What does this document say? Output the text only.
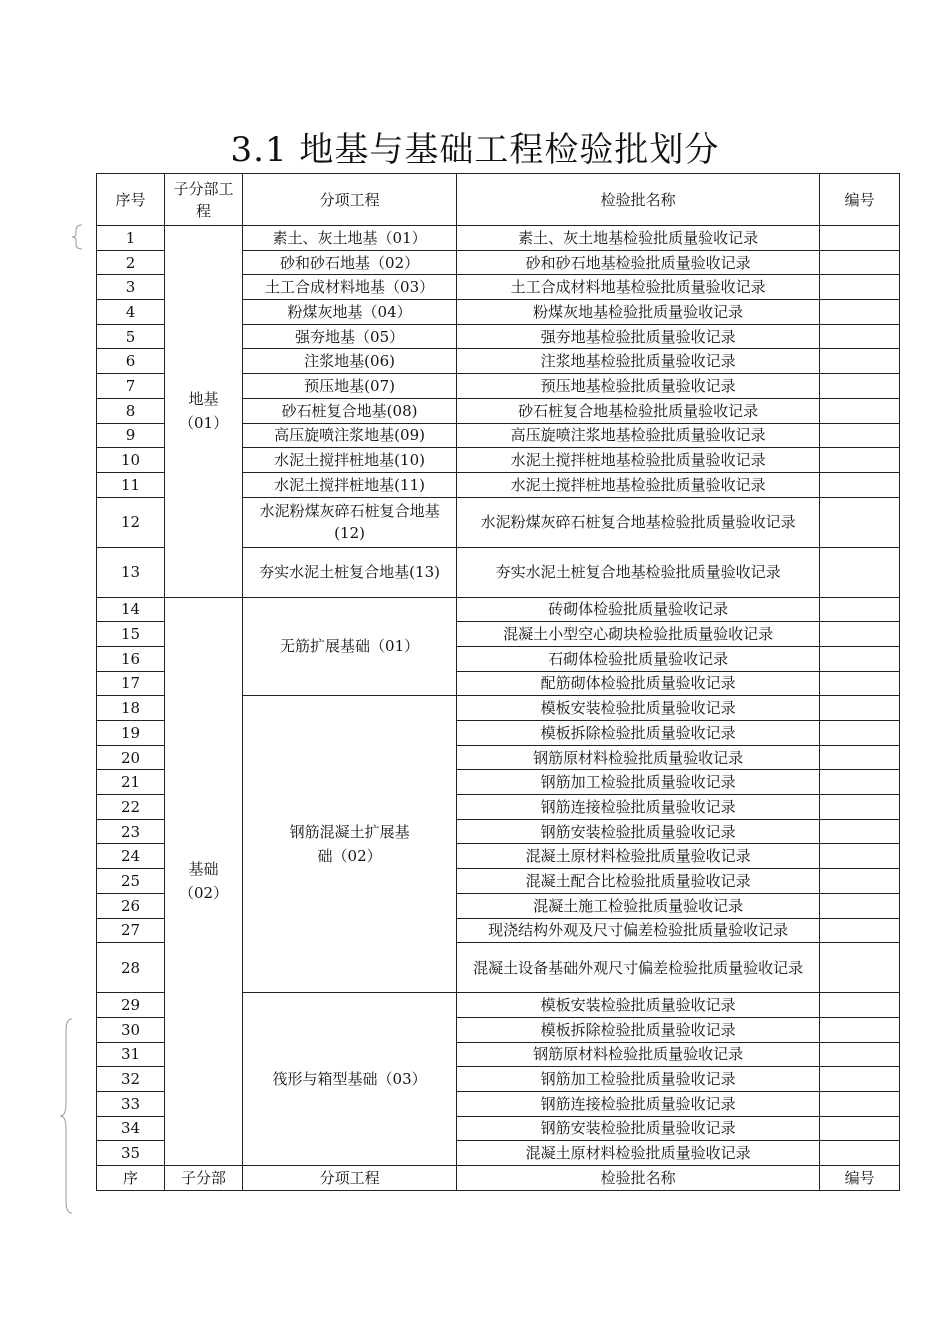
3.1 地基与基础工程检验批划分
序号	子分部工程	分项工程	检验批名称	编号
1	地基（01）	素土、灰土地基（01）	素土、灰土地基检验批质量验收记录	
2		砂和砂石地基（02）	砂和砂石地基检验批质量验收记录	
3		土工合成材料地基（03）	土工合成材料地基检验批质量验收记录	
4		粉煤灰地基（04）	粉煤灰地基检验批质量验收记录	
5		强夯地基（05）	强夯地基检验批质量验收记录	
6		注浆地基(06)	注浆地基检验批质量验收记录	
7		预压地基(07)	预压地基检验批质量验收记录	
8		砂石桩复合地基(08)	砂石桩复合地基检验批质量验收记录	
9		高压旋喷注浆地基(09)	高压旋喷注浆地基检验批质量验收记录	
10		水泥土搅拌桩地基(10)	水泥土搅拌桩地基检验批质量验收记录	
11		水泥土搅拌桩地基(11)	水泥土搅拌桩地基检验批质量验收记录	
12		水泥粉煤灰碎石桩复合地基(12)	水泥粉煤灰碎石桩复合地基检验批质量验收记录	
13		夯实水泥土桩复合地基(13)	夯实水泥土桩复合地基检验批质量验收记录	
14	基础（02）	无筋扩展基础（01）	砖砌体检验批质量验收记录	
15			混凝土小型空心砌块检验批质量验收记录	
16			石砌体检验批质量验收记录	
17			配筋砌体检验批质量验收记录	
18		钢筋混凝土扩展基础（02）	模板安装检验批质量验收记录	
19			模板拆除检验批质量验收记录	
20			钢筋原材料检验批质量验收记录	
21			钢筋加工检验批质量验收记录	
22			钢筋连接检验批质量验收记录	
23			钢筋安装检验批质量验收记录	
24			混凝土原材料检验批质量验收记录	
25			混凝土配合比检验批质量验收记录	
26			混凝土施工检验批质量验收记录	
27			现浇结构外观及尺寸偏差检验批质量验收记录	
28			混凝土设备基础外观尺寸偏差检验批质量验收记录	
29		筏形与箱型基础（03）	模板安装检验批质量验收记录	
30			模板拆除检验批质量验收记录	
31			钢筋原材料检验批质量验收记录	
32			钢筋加工检验批质量验收记录	
33			钢筋连接检验批质量验收记录	
34			钢筋安装检验批质量验收记录	
35			混凝土原材料检验批质量验收记录	
序	子分部	分项工程	检验批名称	编号
